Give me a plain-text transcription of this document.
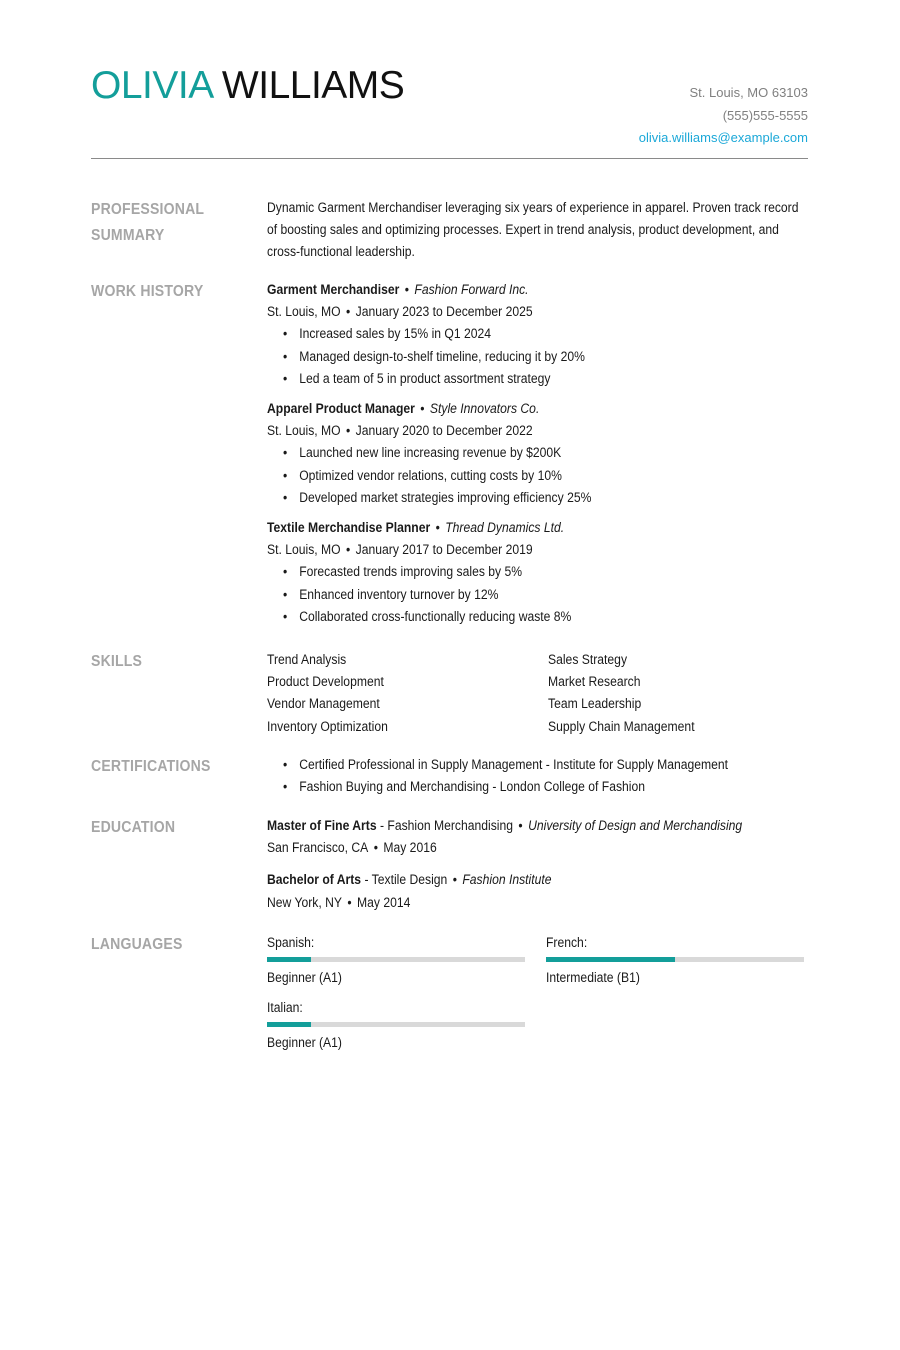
OLIVIA WILLIAMS	St. Louis, MO 63103
(555)555-5555
olivia.williams@example.com
PROFESSIONAL SUMMARY

Dynamic Garment Merchandiser leveraging six years of experience in apparel. Proven track record of boosting sales and optimizing processes. Expert in trend analysis, product development, and cross-functional leadership.

WORK HISTORY	Garment Merchandiser • Fashion Forward Inc.
St. Louis, MO • January 2023 to December 2025
• Increased sales by 15% in Q1 2024
• Managed design-to-shelf timeline, reducing it by 20%
• Led a team of 5 in product assortment strategy
Apparel Product Manager • Style Innovators Co.
St. Louis, MO • January 2020 to December 2022
• Launched new line increasing revenue by $200K
• Optimized vendor relations, cutting costs by 10%
• Developed market strategies improving efficiency 25%
Textile Merchandise Planner • Thread Dynamics Ltd.
St. Louis, MO • January 2017 to December 2019
• Forecasted trends improving sales by 5%
• Enhanced inventory turnover by 12%
• Collaborated cross-functionally reducing waste 8%
SKILLS	Trend Analysis	Sales Strategy
Product Development	Market Research
Vendor Management	Team Leadership
Inventory Optimization	Supply Chain Management
CERTIFICATIONS	• Certified Professional in Supply Management - Institute for Supply Management
• Fashion Buying and Merchandising - London College of Fashion
EDUCATION	Master of Fine Arts - Fashion Merchandising • University of Design and Merchandising
San Francisco, CA • May 2016
Bachelor of Arts - Textile Design • Fashion Institute
New York, NY • May 2014
LANGUAGES	Spanish:
Beginner (A1)
French:
Intermediate (B1)
Italian:
Beginner (A1)
